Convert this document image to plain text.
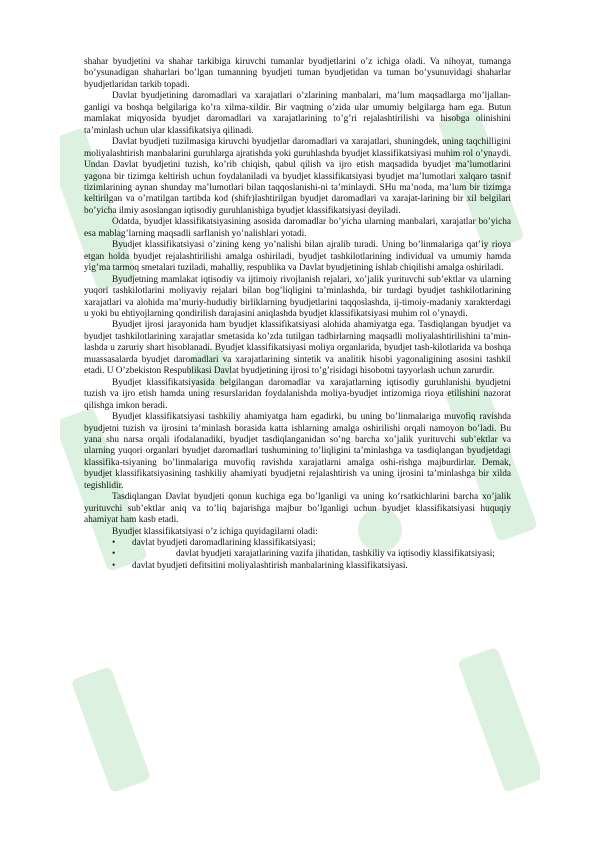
shahar byudjetini va shahar tarkibiga kiruvchi tumanlar byudjetlarini o’z ichiga oladi. Va nihoyat, tumanga bo’ysunadigan shaharlari bo’lgan tumanning byudjeti tuman byudjetidan va tuman bo’ysunuvidagi shaharlar byudjetlaridan tarkib topadi.

Davlat byudjetining daromadlari va xarajatlari o’zlarining manbalari, ma’lum maqsadlarga mo’ljallan-ganligi va boshqa belgilariga ko’ra xilma-xildir. Bir vaqtning o’zida ular umumiy belgilarga ham ega. Butun mamlakat miqyosida byudjet daromadlari va xarajatlarining to’g’ri rejalashtirilishi va hisobga olinishini ta’minlash uchun ular klassifikatsiya qilinadi.

Davlat byudjeti tuzilmasiga kiruvchi byudjetlar daromadlari va xarajatlari, shuningdek, uning taqchilligini moliyalashtirish manbalarini guruhlarga ajratishda yoki guruhlashda byudjet klassifikatsiyasi muhim rol o’ynaydi. Undan Davlat byudjetini tuzish, ko’rib chiqish, qabul qilish va ijro etish maqsadida byudjet ma’lumotlarini yagona bir tizimga keltirish uchun foydalaniladi va byudjet klassifikatsiyasi byudjet ma’lumotlari xalqaro tasnif tizimlarining aynan shunday ma’lumotlari bilan taqqoslanishi-ni ta’minlaydi. SHu ma’noda, ma’lum bir tizimga keltirilgan va o’rnatilgan tartibda kod (shifr)lashtirilgan byudjet daromadlari va xarajat-larining bir xil belgilari bo’yicha ilmiy asoslangan iqtisodiy guruhlanishiga byudjet klassifikatsiyasi deyiladi.

Odatda, byudjet klassifikatsiyasining asosida daromadlar bo’yicha ularning manbalari, xarajatlar bo’yicha esa mablag’larning maqsadli sarflanish yo’nalishlari yotadi.

Byudjet klassifikatsiyasi o’zining keng yo’nalishi bilan ajralib turadi. Uning bo’linmalariga qat’iy rioya etgan holda byudjet rejalashtirilishi amalga oshiriladi, byudjet tashkilotlarining individual va umumiy hamda yig’ma tarmoq smetalari tuziladi, mahalliy, respublika va Davlat byudjetining ishlab chiqilishi amalga oshiriladi.

Byudjetning mamlakat iqtisodiy va ijtimoiy rivojlanish rejalari, xo’jalik yurituvchi sub’ektlar va ularning yuqori tashkilotlarini moliyaviy rejalari bilan bog’liqligini ta’minlashda, bir turdagi byudjet tashkilotlarining xarajatlari va alohida ma’muriy-hududiy birliklarning byudjetlarini taqqoslashda, ij-timoiy-madaniy xarakterdagi u yoki bu ehtiyojlarning qondirilish darajasini aniqlashda byudjet klassifikatsiyasi muhim rol o’ynaydi.

Byudjet ijrosi jarayonida ham byudjet klassifikatsiyasi alohida ahamiyatga ega. Tasdiqlangan byudjet va byudjet tashkilotlarining xarajatlar smetasida ko’zda tutilgan tadbirlarning maqsadli moliyalashtirilishini ta’min-lashda u zaruriy shart hisoblanadi. Byudjet klassifikatsiyasi moliya organlarida, byudjet tash-kilotlarida va boshqa muassasalarda byudjet daromadlari va xarajatlarining sintetik va analitik hisobi yagonaligining asosini tashkil etadi. U O’zbekiston Respublikasi Davlat byudjetining ijrosi to’g’risidagi hisobotni tayyorlash uchun zarurdir.

Byudjet klassifikatsiyasida belgilangan daromadlar va xarajatlarning iqtisodiy guruhlanishi byudjetni tuzish va ijro etish hamda uning resurslaridan foydalanishda moliya-byudjet intizomiga rioya etilishini nazorat qilishga imkon beradi.

Byudjet klassifikatsiyasi tashkiliy ahamiyatga ham egadirki, bu uning bo’linmalariga muvofiq ravishda byudjetni tuzish va ijrosini ta’minlash borasida katta ishlarning amalga oshirilishi orqali namoyon bo’ladi. Bu yana shu narsa orqali ifodalanadiki, byudjet tasdiqlanganidan so’ng barcha xo’jalik yurituvchi sub’ektlar va ularning yuqori organlari byudjet daromadlari tushumining to’liqligini ta’minlashga va tasdiqlangan byudjetdagi klassifika-tsiyaning bo’linmalariga muvofiq ravishda xarajatlarni amalga oshi-rishga majburdirlar. Demak, byudjet klassifikatsiyasining tashkiliy ahamiyati byudjetni rejalashtirish va uning ijrosini ta’minlashga bir xilda tegishlidir.

Tasdiqlangan Davlat byudjeti qonun kuchiga ega bo’lganligi va uning ko’rsatkichlarini barcha xo’jalik yurituvchi sub’ektlar aniq va to’liq bajarishga majbur bo’lganligi uchun byudjet klassifikatsiyasi huquqiy ahamiyat ham kasb etadi.

Byudjet klassifikatsiyasi o’z ichiga quyidagilarni oladi:

•	davlat byudjeti daromadlarining klassifikatsiyasi;
•	davlat byudjeti xarajatlarining vazifa jihatidan, tashkiliy va iqtisodiy klassifikatsiyasi;
•	davlat byudjeti defitsitini moliyalashtirish manbalarining klassifikatsiyasi.
